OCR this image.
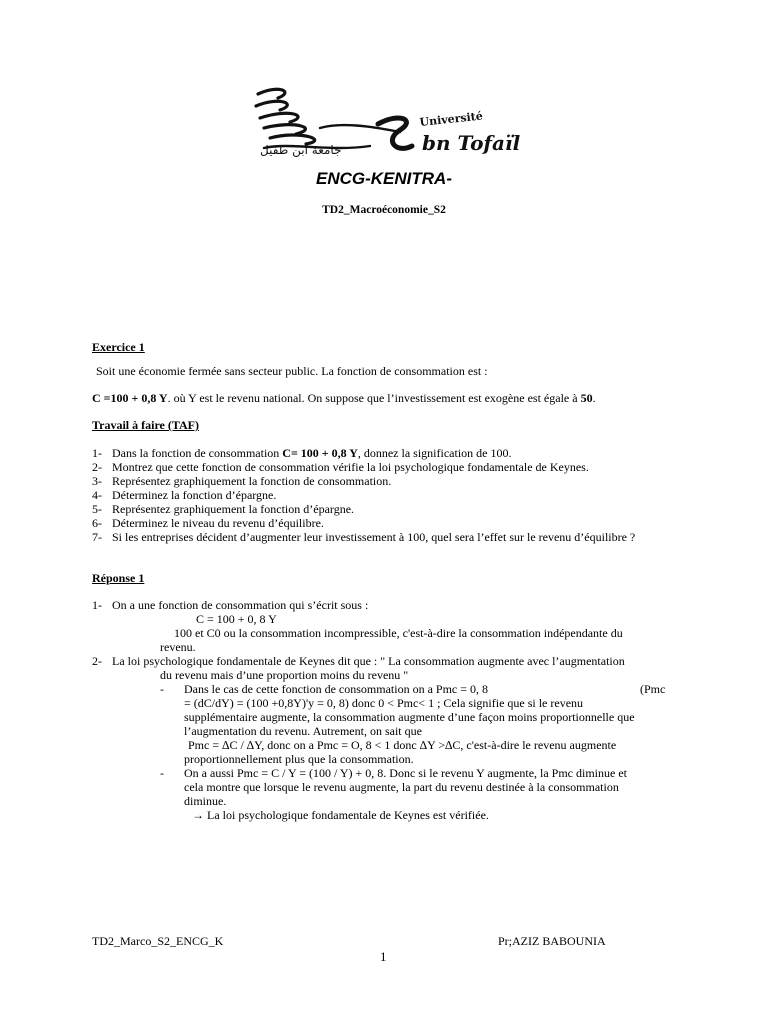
جامعة ابن طفيل
Université
bn Tofaïl
ENCG-KENITRA-
TD2_Macroéconomie_S2
Exercice 1
Soit une économie fermée sans secteur public. La fonction de consommation est :
C =100 + 0,8 Y. où Y est le revenu national. On suppose que l’investissement est exogène est égale à 50.
Travail à faire (TAF)
1- Dans la fonction de consommation C= 100 + 0,8 Y, donnez la signification de 100.
2- Montrez que cette fonction de consommation vérifie la loi psychologique fondamentale de Keynes.
3- Représentez graphiquement la fonction de consommation.
4- Déterminez la fonction d’épargne.
5- Représentez graphiquement la fonction d’épargne.
6- Déterminez le niveau du revenu d’équilibre.
7- Si les entreprises décident d’augmenter leur investissement à 100, quel sera l’effet sur le revenu d’équilibre ?
Réponse 1
1- On a une fonction de consommation qui s’écrit sous :
C = 100 + 0, 8 Y
100 et C0 ou la consommation incompressible, c'est-à-dire la consommation indépendante du
revenu.
2- La loi psychologique fondamentale de Keynes dit que : " La consommation augmente avec l’augmentation
du revenu mais d’une proportion moins du revenu "
- Dans le cas de cette fonction de consommation on a Pmc = 0, 8	(Pmc
= (dC/dY) = (100 +0,8Y)'y = 0, 8) donc 0 < Pmc< 1 ; Cela signifie que si le revenu
supplémentaire augmente, la consommation augmente d’une façon moins proportionnelle que
l’augmentation du revenu. Autrement, on sait que
Pmc = ∆C / ∆Y, donc on a Pmc = O, 8 < 1 donc ∆Y >∆C, c'est-à-dire le revenu augmente
proportionnellement plus que la consommation.
- On a aussi Pmc = C / Y = (100 / Y) + 0, 8. Donc si le revenu Y augmente, la Pmc diminue et
cela montre que lorsque le revenu augmente, la part du revenu destinée à la consommation
diminue.
→ La loi psychologique fondamentale de Keynes est vérifiée.
TD2_Marco_S2_ENCG_K	Pr;AZIZ BABOUNIA
1
